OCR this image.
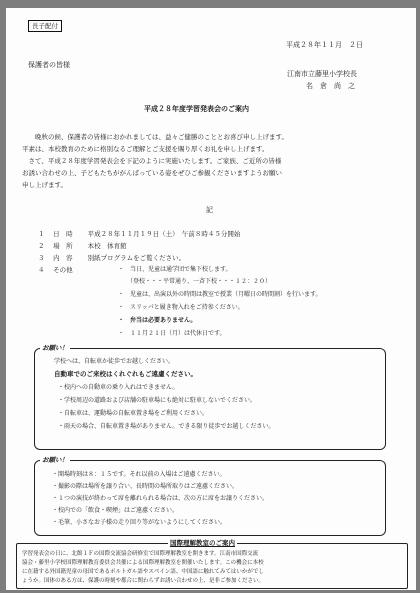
長子配付
平成２８年１１月　２日
保護者の皆様
江南市立藤里小学校長
名　倉　尚　之
平成２８年度学習発表会のご案内
　　晩秋の候、保護者の皆様におかれましては、益々ご健勝のこととお喜び申し上げます。
平素は、本校教育のために格別なるご理解とご支援を賜り厚くお礼を申し上げます。
　さて、平成２８年度学習発表会を下記のように実施いたします。ご家族、ご近所の皆様
お誘い合わせの上、子どもたちががんばっている姿をぜひご参観くださいますようお願い
申し上げます。
記
１　 日　時　　 平成２８年１１月１９日（土）　午前８時４５分開始
２　 場　所　　 本校　体育館
３　 内　容　　 別紙プログラムをご覧ください。
４　 その他	・　当日、児童は通学団で集下校します。
　　（登校・・・平常通り、一斉下校・・・１２：２０）
・　児童は、出演以外の時間は教室で授業（月曜日の時間割）を行います。
・　スリッパと履き物入れをご持参ください。
・　弁当は必要ありません。
・　１１月２１日（月）は代休日です。
お願い！
学校へは、自転車か徒歩でお越しください。
自動車でのご来校はくれぐれもご遠慮ください。
・校内への自動車の乗り入れはできません。
・学校周辺の道路および店舗の駐車場にも絶対に駐車しないでください。
・自転車は、運動場の自転車置き場をご利用ください。
・雨天の場合、自転車置き場がありません。できる限り徒歩でお越しください。
お願い！
・開場時刻は８：１５です。それ以前の入場はご遠慮ください。
・撮影の際は場所を譲り合い、長時間の場所取りはご遠慮ください。
・１つの演技が終わって席を離れられる場合は、次の方に席をお譲りください。
・校内での「飲食・喫煙」はご遠慮ください。
・毛筆、小さなお子様の走り回り等がないようにしてください。
国際理解教室のご案内
学習発表会の日に、北館１Ｆの国際交流協会研修室で国際理解教室を開きます。江南市国際交流
協会・藤里小学校国際理解教育委員会共催による国際理解教室を開催いたします。この機会に本校
に在籍する外国籍児童の母国であるポルトガル語やスペイン語、中国語に触れてみてはいかがでし
ょうか。国体のある方は、保護の時刻や都合に関わらずお誘い合わせの上、是非ご参加ください。
